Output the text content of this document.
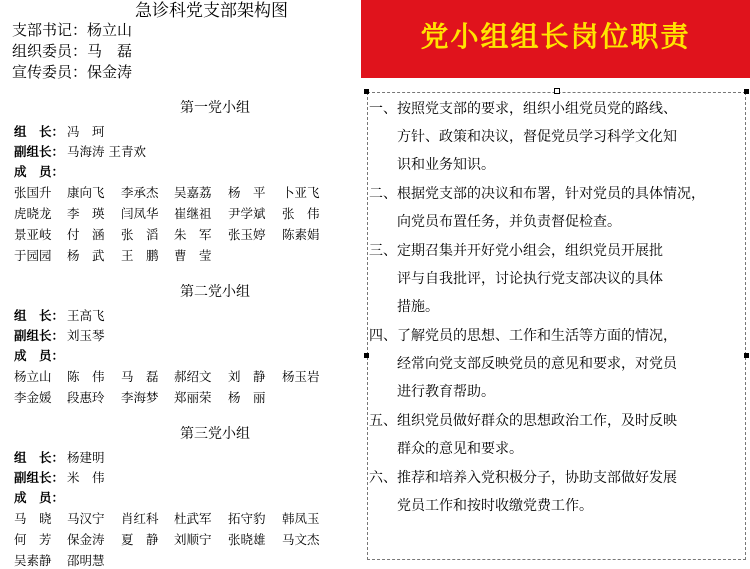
急诊科党支部架构图
支部书记：杨立山
组织委员：马　磊
宣传委员：保金涛
第一党小组
组　长： 冯　珂
副组长： 马海涛 王青欢
成　员：
张国升 康向飞 李承杰 吴嘉荔 杨　平 卜亚飞
虎晓龙 李　瑛 闫凤华 崔继祖 尹学斌 张　伟
景亚岐 付　涵 张　滔 朱　军 张玉婷 陈素娟
于园园 杨　武 王　鹏 曹　莹
第二党小组
组　长： 王高飞
副组长： 刘玉琴
成　员：
杨立山 陈　伟 马　磊 郝绍文 刘　静 杨玉岩
李金媛 段惠玲 李海梦 郑丽荣 杨　丽
第三党小组
组　长： 杨建明
副组长： 米　伟
成　员：
马　晓 马汉宁 肖红科 杜武军 拓守豹 韩凤玉
何　芳 保金涛 夏　静 刘顺宁 张晓雄 马文杰
吴素静 邵明慧
党小组组长岗位职责
一、按照党支部的要求，组织小组党员党的路线、
　　方针、政策和决议，督促党员学习科学文化知
　　识和业务知识。
二、根据党支部的决议和布署，针对党员的具体情况，
　　向党员布置任务，并负责督促检查。
三、定期召集并开好党小组会，组织党员开展批
　　评与自我批评，讨论执行党支部决议的具体
　　措施。
四、了解党员的思想、工作和生活等方面的情况，
　　经常向党支部反映党员的意见和要求，对党员
　　进行教育帮助。
五、组织党员做好群众的思想政治工作，及时反映
　　群众的意见和要求。
六、推荐和培养入党积极分子，协助支部做好发展
　　党员工作和按时收缴党费工作。
